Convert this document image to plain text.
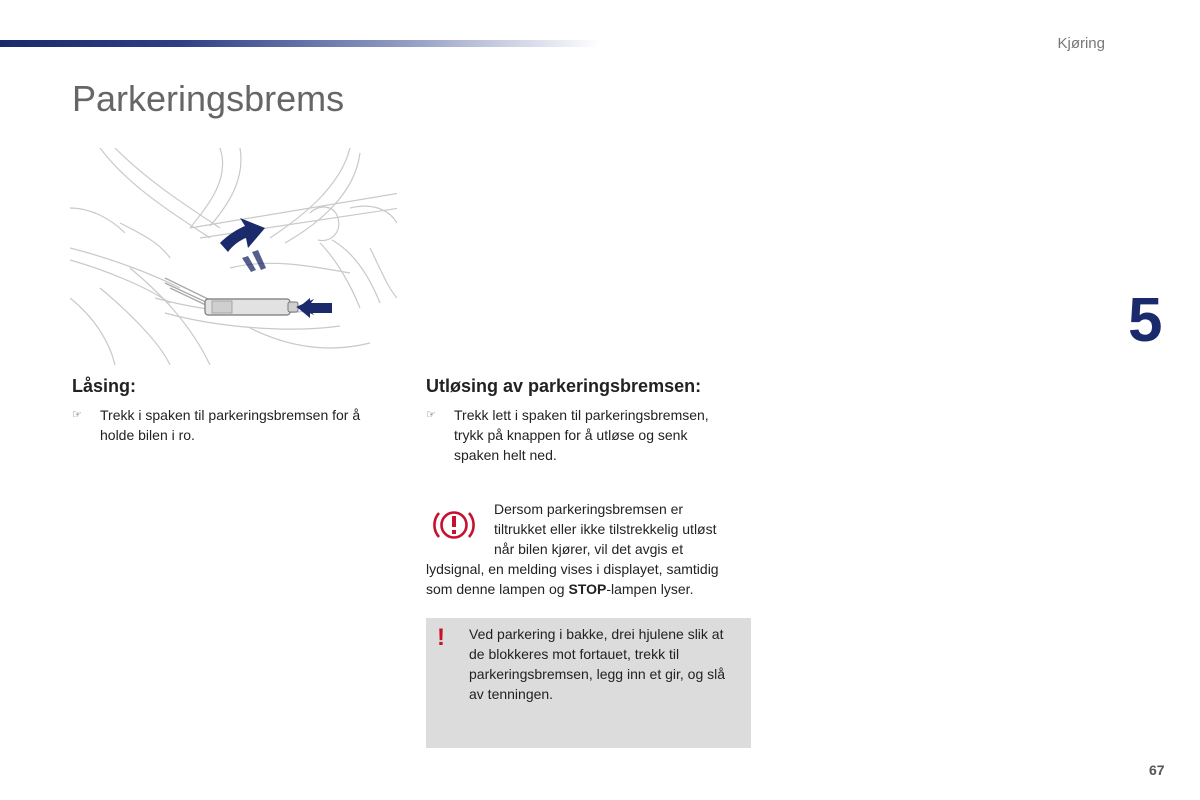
Kjøring
Parkeringsbrems
5
Låsing:
☞	Trekk i spaken til parkeringsbremsen for å holde bilen i ro.
Utløsing av parkeringsbremsen:
☞	Trekk lett i spaken til parkeringsbremsen, trykk på knappen for å utløse og senk spaken helt ned.
Dersom parkeringsbremsen er
tiltrukket eller ikke tilstrekkelig utløst
når bilen kjører, vil det avgis et
lydsignal, en melding vises i displayet, samtidig
som denne lampen og STOP-lampen lyser.
! Ved parkering i bakke, drei hjulene slik at de blokkeres mot fortauet, trekk til parkeringsbremsen, legg inn et gir, og slå av tenningen.
67
